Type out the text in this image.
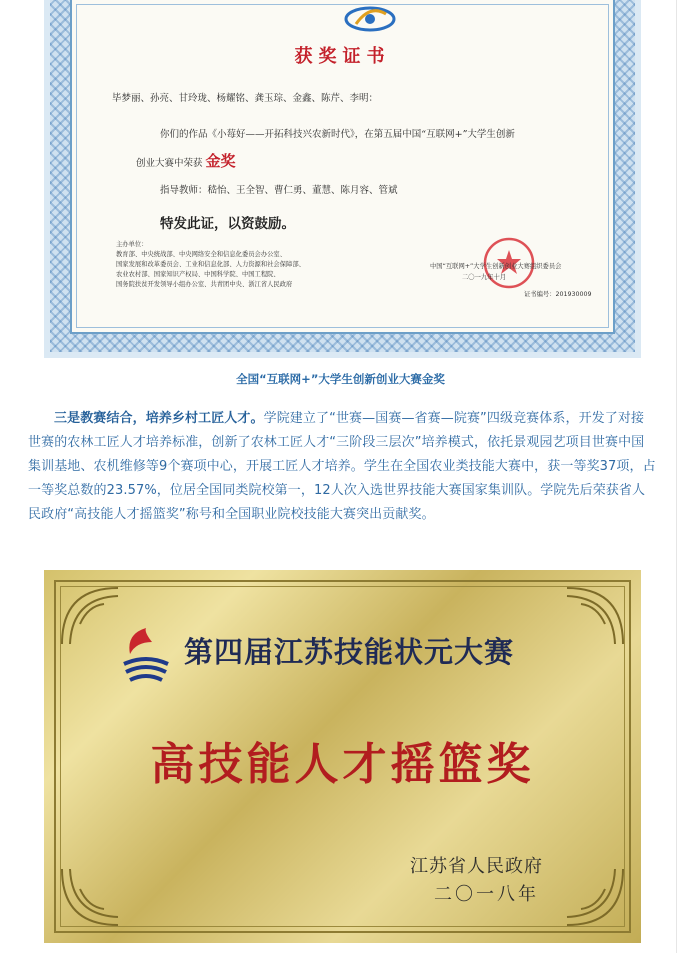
获奖证书
毕梦丽、孙亮、甘玲珑、杨耀铭、龚玉琮、金鑫、陈芹、李明：
你们的作品《小莓好——开拓科技兴农新时代》，在第五届中国“互联网+”大学生创新
创业大赛中荣获 金奖
指导教师：嵇怡、王全智、曹仁勇、董慧、陈月容、管斌
特发此证，以资鼓励。
主办单位：
教育部、中央统战部、中央网络安全和信息化委员会办公室、
国家发展和改革委员会、工业和信息化部、人力资源和社会保障部、
农业农村部、国家知识产权局、中国科学院、中国工程院、
国务院扶贫开发领导小组办公室、共青团中央、浙江省人民政府
中国“互联网+”大学生创新创业大赛组织委员会
二〇一九年十月
证书编号：201930009
全国“互联网+”大学生创新创业大赛金奖
三是教赛结合，培养乡村工匠人才。学院建立了“世赛—国赛—省赛—院赛”四级竞赛体系，开发了对接世赛的农林工匠人才培养标准，创新了农林工匠人才“三阶段三层次”培养模式，依托景观园艺项目世赛中国集训基地、农机维修等9个赛项中心，开展工匠人才培养。学生在全国农业类技能大赛中，获一等奖37项，占一等奖总数的23.57%，位居全国同类院校第一，12人次入选世界技能大赛国家集训队。学院先后荣获省人民政府“高技能人才摇篮奖”称号和全国职业院校技能大赛突出贡献奖。
第四届江苏技能状元大赛
高技能人才摇篮奖
江苏省人民政府
二〇一八年
